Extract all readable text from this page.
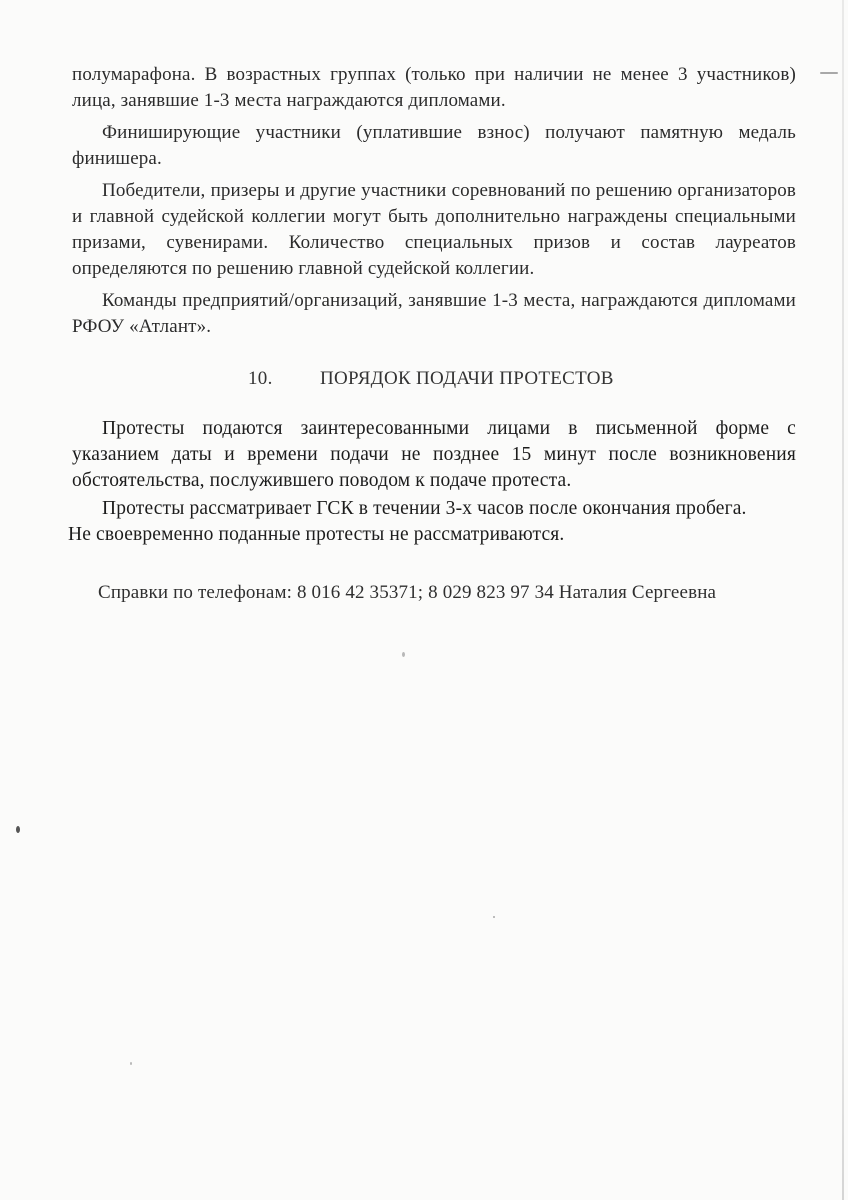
полумарафона. В возрастных группах (только при наличии не менее 3 участников) лица, занявшие 1-3 места награждаются дипломами.

Финиширующие участники (уплатившие взнос) получают памятную медаль финишера.

Победители, призеры и другие участники соревнований по решению организаторов и главной судейской коллегии могут быть дополнительно награждены специальными призами, сувенирами. Количество специальных призов и состав лауреатов определяются по решению главной судейской коллегии.

Команды предприятий/организаций, занявшие 1-3 места, награждаются дипломами РФОУ «Атлант».

10. ПОРЯДОК ПОДАЧИ ПРОТЕСТОВ

Протесты подаются заинтересованными лицами в письменной форме с указанием даты и времени подачи не позднее 15 минут после возникновения обстоятельства, послужившего поводом к подаче протеста.

Протесты рассматривает ГСК в течении 3-х часов после окончания пробега.

Не своевременно поданные протесты не рассматриваются.

Справки по телефонам: 8 016 42 35371; 8 029 823 97 34 Наталия Сергеевна
